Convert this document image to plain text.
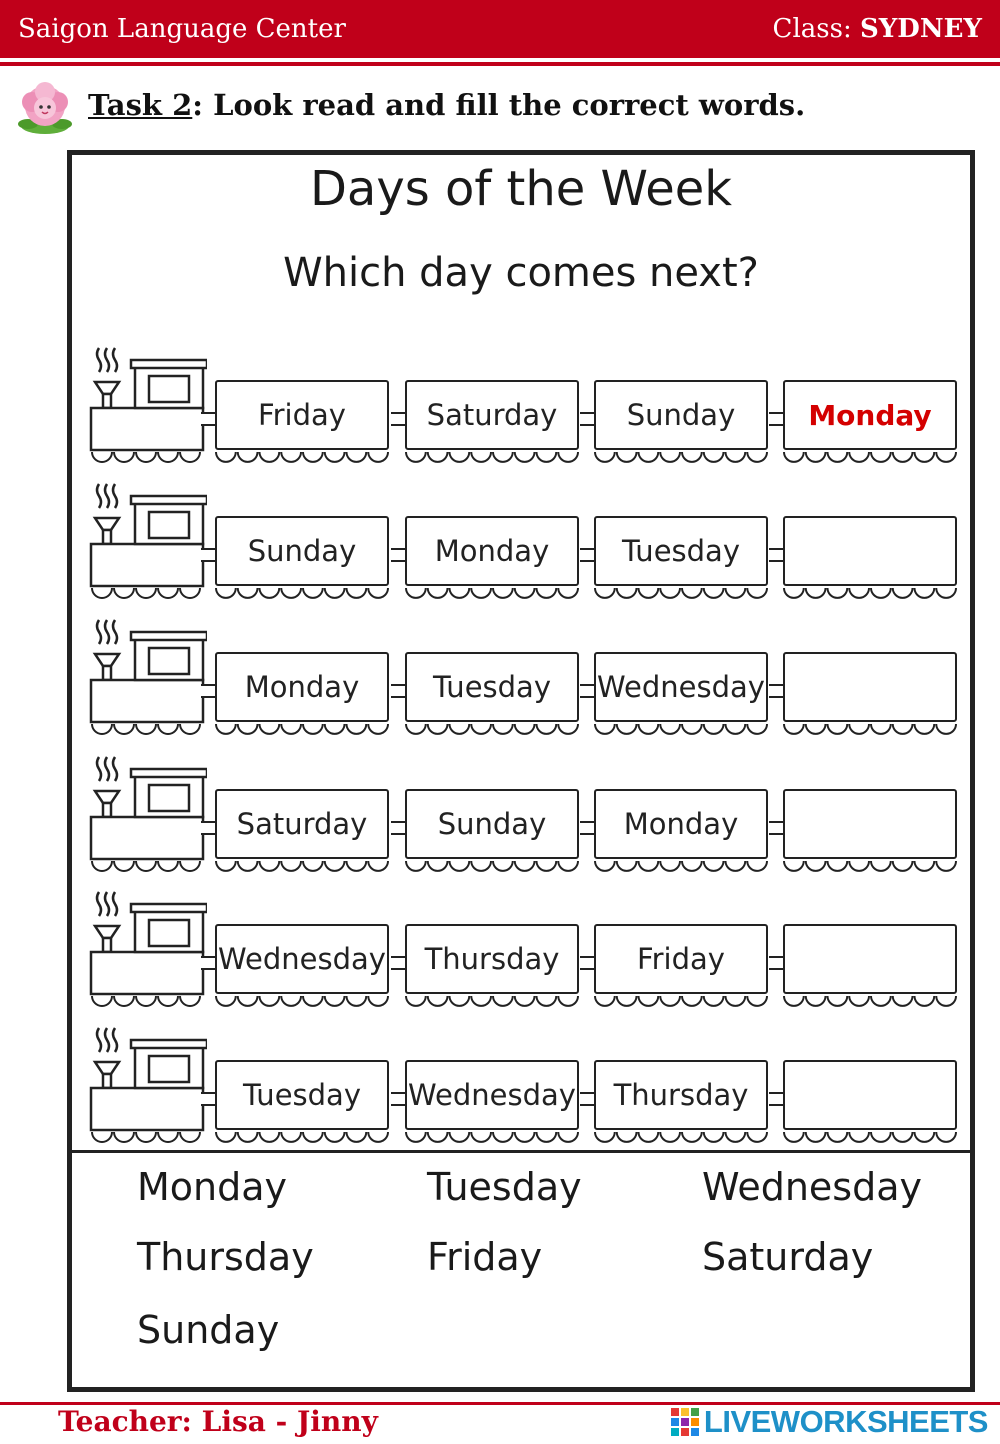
Saigon Language Center	Class: SYDNEY
Task 2: Look read and fill the correct words.
Days of the Week
Which day comes next?
Friday	Saturday	Sunday	Monday
Sunday	Monday	Tuesday
Monday	Tuesday	Wednesday
Saturday	Sunday	Monday
Wednesday	Thursday	Friday
Tuesday	Wednesday	Thursday
Monday	Tuesday	Wednesday
Thursday	Friday	Saturday
Sunday
Teacher: Lisa - Jinny	LIVEWORKSHEETS
